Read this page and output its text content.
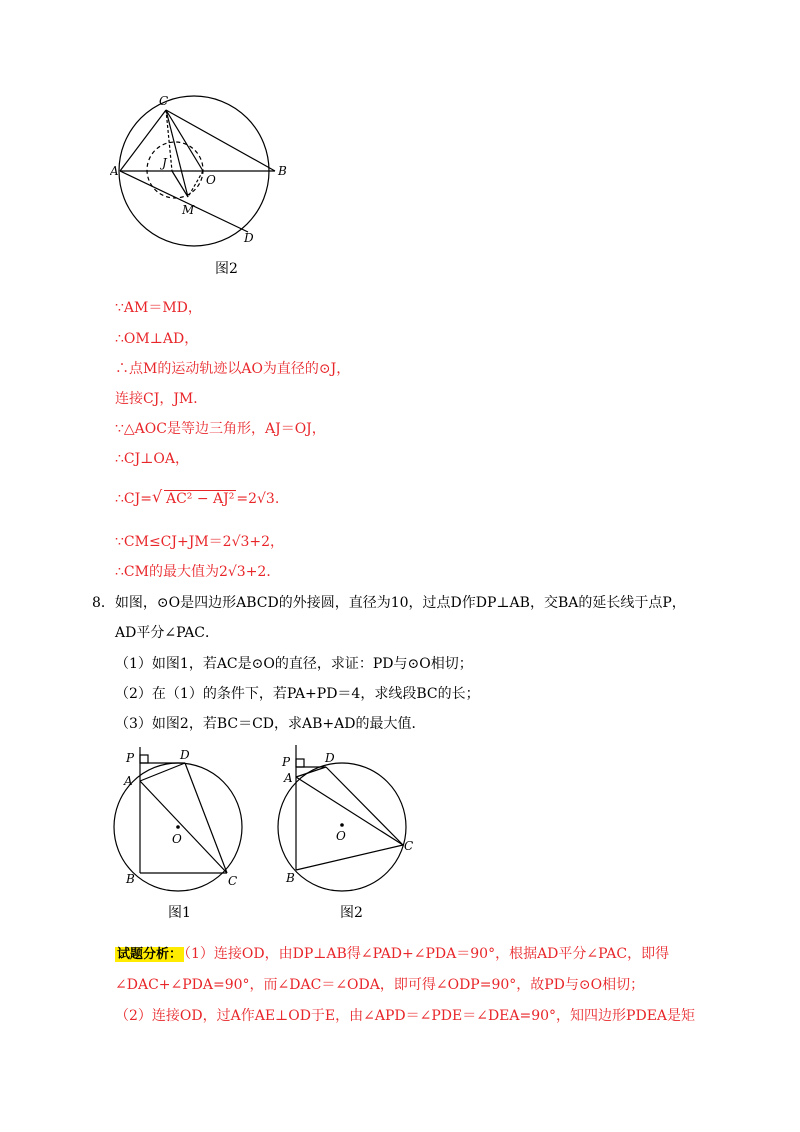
C
A	B
J
O
M
D
图2
∵AM＝MD，
∴OM⊥AD，
∴点M的运动轨迹以AO为直径的⊙J，
连接CJ，JM．
∵△AOC是等边三角形，AJ＝OJ，
∴CJ⊥OA，
∴CJ= √ AC² − AJ² =2√3.
∵CM≤CJ+JM＝2√3+2，
∴CM的最大值为2√3+2．
8．如图，⊙O是四边形ABCD的外接圆，直径为10，过点D作DP⊥AB，交BA的延长线于点P，
AD平分∠PAC．
（1）如图1，若AC是⊙O的直径，求证：PD与⊙O相切；
（2）在（1）的条件下，若PA+PD＝4，求线段BC的长；
（3）如图2，若BC＝CD，求AB+AD的最大值．
P	D
A
O
B	C
图1
P	D
A
O
B
C
图2
试题分析： （1）连接OD，由DP⊥AB得∠PAD+∠PDA＝90°，根据AD平分∠PAC，即得
∠DAC+∠PDA=90°，而∠DAC＝∠ODA，即可得∠ODP=90°，故PD与⊙O相切；
（2）连接OD，过A作AE⊥OD于E，由∠APD＝∠PDE＝∠DEA=90°，知四边形PDEA是矩
